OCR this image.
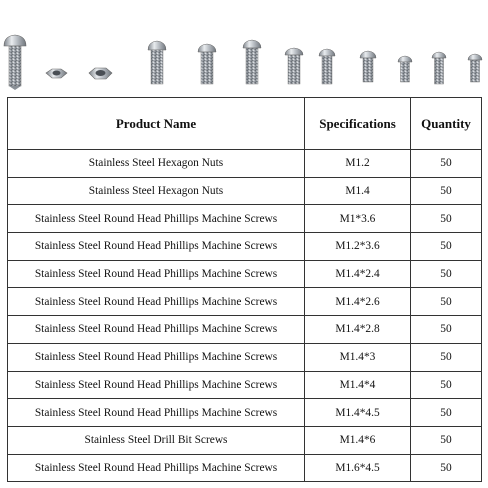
Product Name	Specifications	Quantity
Stainless Steel Hexagon Nuts	M1.2	50
Stainless Steel Hexagon Nuts	M1.4	50
Stainless Steel Round Head Phillips Machine Screws	M1*3.6	50
Stainless Steel Round Head Phillips Machine Screws	M1.2*3.6	50
Stainless Steel Round Head Phillips Machine Screws	M1.4*2.4	50
Stainless Steel Round Head Phillips Machine Screws	M1.4*2.6	50
Stainless Steel Round Head Phillips Machine Screws	M1.4*2.8	50
Stainless Steel Round Head Phillips Machine Screws	M1.4*3	50
Stainless Steel Round Head Phillips Machine Screws	M1.4*4	50
Stainless Steel Round Head Phillips Machine Screws	M1.4*4.5	50
Stainless Steel Drill Bit Screws	M1.4*6	50
Stainless Steel Round Head Phillips Machine Screws	M1.6*4.5	50
